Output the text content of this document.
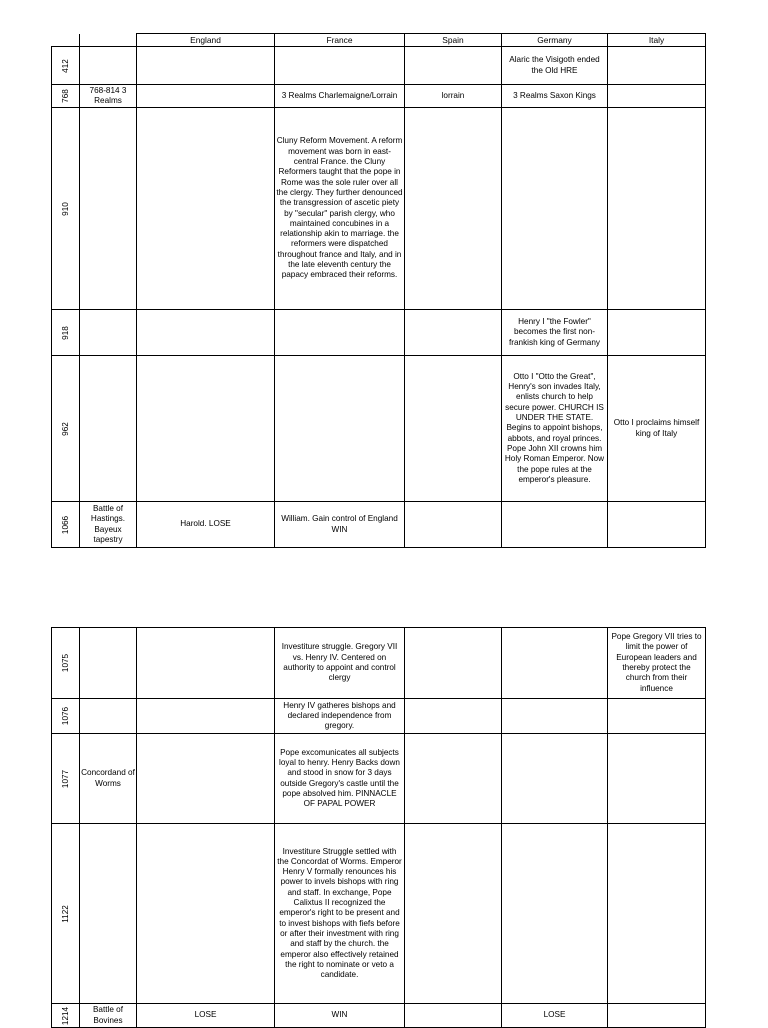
		England	France	Spain	Germany	Italy

412					Alaric the Visigoth ended the Old HRE	

768	768-814 3 Realms		3 Realms Charlemaigne/Lorrain	lorrain	3 Realms Saxon Kings	

910			Cluny Reform Movement. A reform movement was born in east-central France. the Cluny Reformers taught that the pope in Rome was the sole ruler over all the clergy. They further denounced the transgression of ascetic piety by "secular" parish clergy, who maintained concubines in a relationship akin to marriage. the reformers were dispatched throughout france and Italy, and in the late eleventh century the papacy embraced their reforms.			

918					Henry I "the Fowler" becomes the first non-frankish king of Germany	

962					Otto I "Otto the Great", Henry's son invades Italy, enlists church to help secure power. CHURCH IS UNDER THE STATE. Begins to appoint bishops, abbots, and royal princes. Pope John XII crowns him Holy Roman Emperor. Now the pope rules at the emperor's pleasure.	Otto I proclaims himself king of Italy

1066	Battle of Hastings. Bayeux tapestry	Harold. LOSE	William. Gain control of England WIN			
1075			Investiture struggle. Gregory VII vs. Henry IV. Centered on authority to appoint and control clergy			Pope Gregory VII tries to limit the power of European leaders and thereby protect the church from their influence

1076			Henry IV gatheres bishops and declared independence from gregory.			

1077	Concordand of Worms		Pope excomunicates all subjects loyal to henry. Henry Backs down and stood in snow for 3 days outside Gregory's castle until the pope absolved him. PINNACLE OF PAPAL POWER			

1122			Investiture Struggle settled with the Concordat of Worms. Emperor Henry V formally renounces his power to invels bishops with ring and staff. In exchange, Pope Calixtus II recognized the emperor's right to be present and to invest bishops with fiefs before or after their investment with ring and staff by the church. the emperor also effectively retained the right to nominate or veto a candidate.			

1214	Battle of Bovines	LOSE	WIN		LOSE	
